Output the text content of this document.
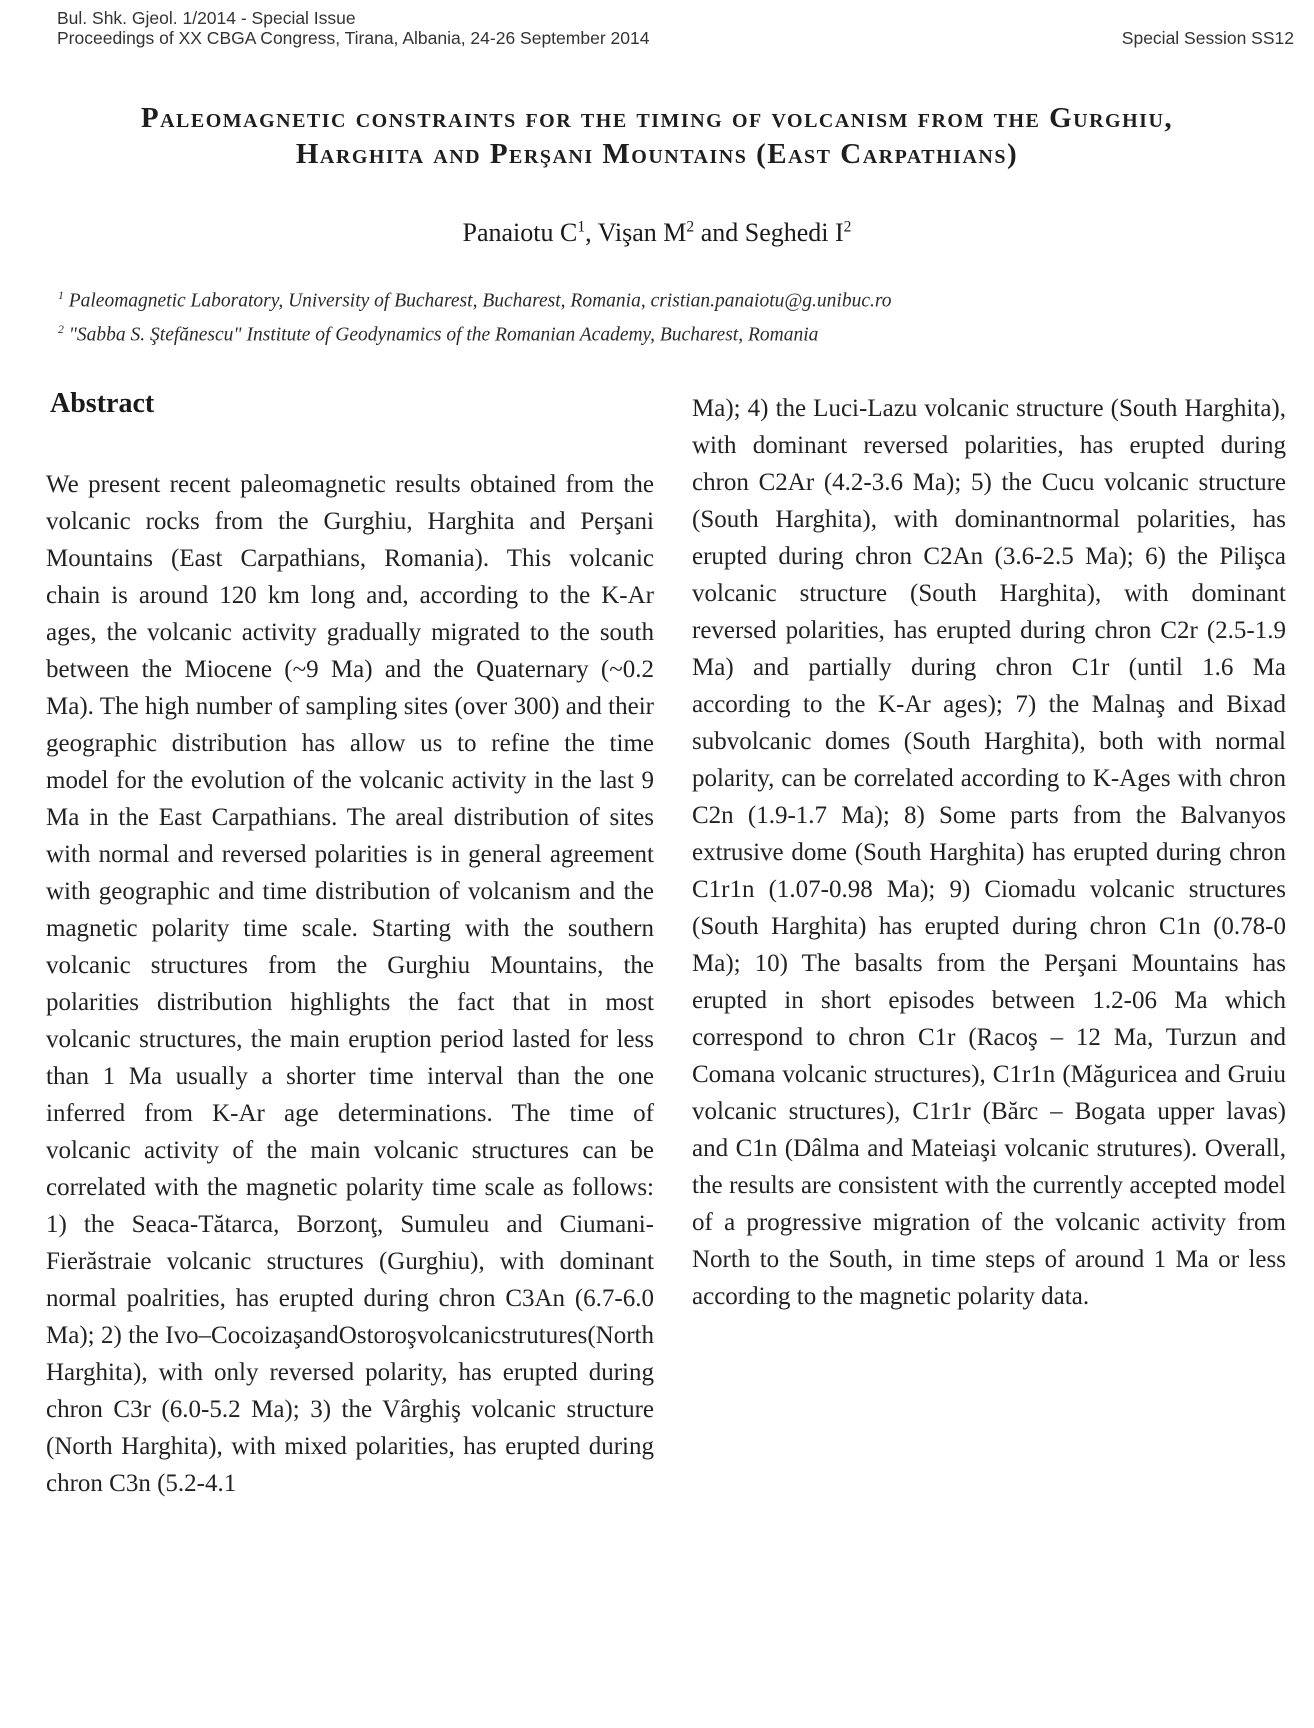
Bul. Shk. Gjeol. 1/2014 - Special Issue
Proceedings of XX CBGA Congress, Tirana, Albania, 24-26 September 2014	Special Session SS12
Paleomagnetic constraints for the timing of volcanism from the Gurghiu,
Harghita and Perşani Mountains (East Carpathians)
Panaiotu $C^1$, Vişan $M^2$ and Seghedi $I^2$
$^1$ Paleomagnetic Laboratory, University of Bucharest, Bucharest, Romania, cristian.panaiotu@g.unibuc.ro
$^2$ "Sabba S. Ştefănescu" Institute of Geodynamics of the Romanian Academy, Bucharest, Romania
Abstract
We present recent paleomagnetic results obtained from the volcanic rocks from the Gurghiu, Harghita and Perşani Mountains (East Carpathians, Romania). This volcanic chain is around 120 km long and, according to the K-Ar ages, the volcanic activity gradually migrated to the south between the Miocene (~9 Ma) and the Quaternary (~0.2 Ma). The high number of sampling sites (over 300) and their geographic distribution has allow us to refine the time model for the evolution of the volcanic activity in the last 9 Ma in the East Carpathians. The areal distribution of sites with normal and reversed polarities is in general agreement with geographic and time distribution of volcanism and the magnetic polarity time scale. Starting with the southern volcanic structures from the Gurghiu Mountains, the polarities distribution highlights the fact that in most volcanic structures, the main eruption period lasted for less than 1 Ma usually a shorter time interval than the one inferred from K-Ar age determinations. The time of volcanic activity of the main volcanic structures can be correlated with the magnetic polarity time scale as follows: 1) the Seaca-Tătarca, Borzonţ, Sumuleu and Ciumani-Fierăstraie volcanic structures (Gurghiu), with dominant normal poalrities, has erupted during chron C3An (6.7-6.0 Ma); 2) the Ivo–CocoizaşandOstoroşvolcanicstrutures(North Harghita), with only reversed polarity, has erupted during chron C3r (6.0-5.2 Ma); 3) the Vârghiş volcanic structure (North Harghita), with mixed polarities, has erupted during chron C3n (5.2-4.1
Ma); 4) the Luci-Lazu volcanic structure (South Harghita), with dominant reversed polarities, has erupted during chron C2Ar (4.2-3.6 Ma); 5) the Cucu volcanic structure (South Harghita), with dominantnormal polarities, has erupted during chron C2An (3.6-2.5 Ma); 6) the Pilişca volcanic structure (South Harghita), with dominant reversed polarities, has erupted during chron C2r (2.5-1.9 Ma) and partially during chron C1r (until 1.6 Ma according to the K-Ar ages); 7) the Malnaş and Bixad subvolcanic domes (South Harghita), both with normal polarity, can be correlated according to K-Ages with chron C2n (1.9-1.7 Ma); 8) Some parts from the Balvanyos extrusive dome (South Harghita) has erupted during chron C1r1n (1.07-0.98 Ma); 9) Ciomadu volcanic structures (South Harghita) has erupted during chron C1n (0.78-0 Ma); 10) The basalts from the Perşani Mountains has erupted in short episodes between 1.2-06 Ma which correspond to chron C1r (Racoş – 12 Ma, Turzun and Comana volcanic structures), C1r1n (Măguricea and Gruiu volcanic structures), C1r1r (Bărc – Bogata upper lavas) and C1n (Dâlma and Mateiaşi volcanic strutures). Overall, the results are consistent with the currently accepted model of a progressive migration of the volcanic activity from North to the South, in time steps of around 1 Ma or less according to the magnetic polarity data.
